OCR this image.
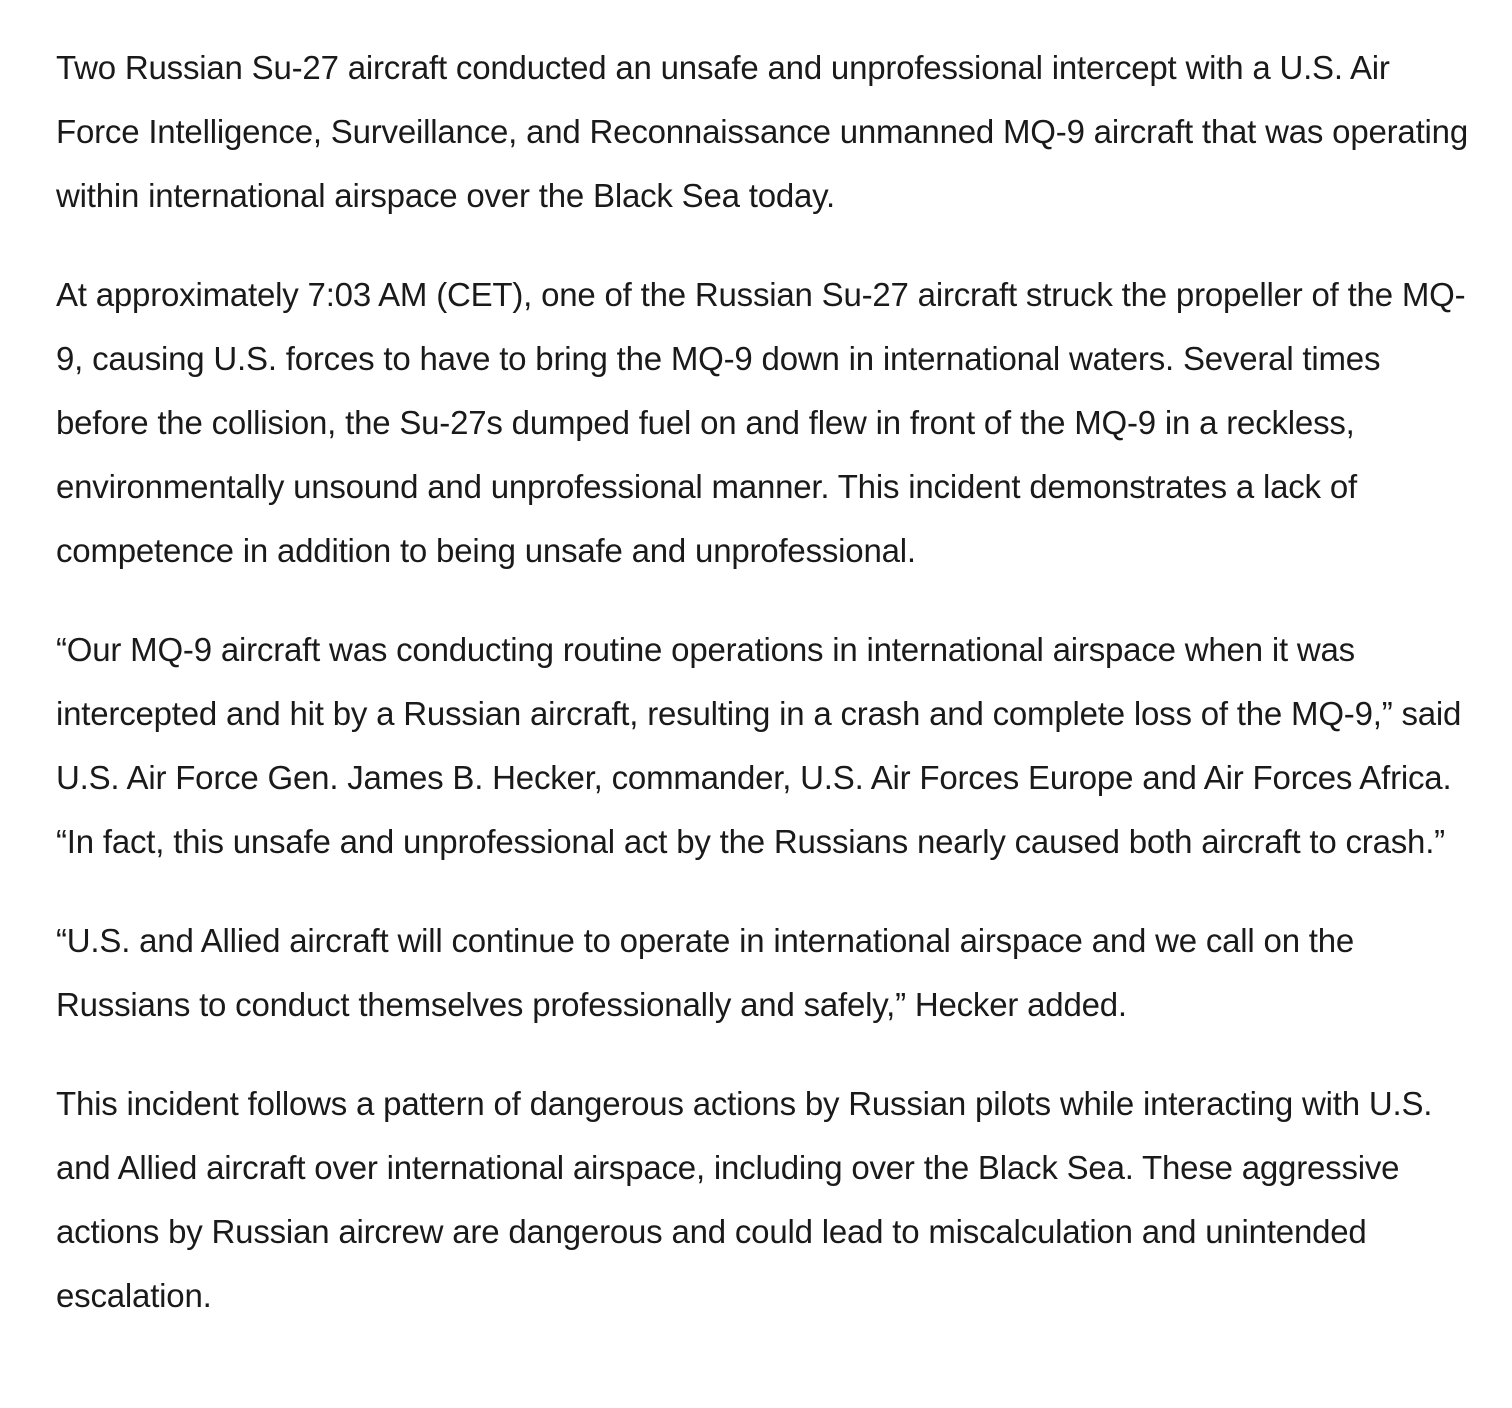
Two Russian Su-27 aircraft conducted an unsafe and unprofessional intercept with a U.S. Air Force Intelligence, Surveillance, and Reconnaissance unmanned MQ-9 aircraft that was operating within international airspace over the Black Sea today.

At approximately 7:03 AM (CET), one of the Russian Su-27 aircraft struck the propeller of the MQ-9, causing U.S. forces to have to bring the MQ-9 down in international waters. Several times before the collision, the Su-27s dumped fuel on and flew in front of the MQ-9 in a reckless, environmentally unsound and unprofessional manner. This incident demonstrates a lack of competence in addition to being unsafe and unprofessional.

“Our MQ-9 aircraft was conducting routine operations in international airspace when it was intercepted and hit by a Russian aircraft, resulting in a crash and complete loss of the MQ-9,” said U.S. Air Force Gen. James B. Hecker, commander, U.S. Air Forces Europe and Air Forces Africa. “In fact, this unsafe and unprofessional act by the Russians nearly caused both aircraft to crash.”

“U.S. and Allied aircraft will continue to operate in international airspace and we call on the Russians to conduct themselves professionally and safely,” Hecker added.

This incident follows a pattern of dangerous actions by Russian pilots while interacting with U.S. and Allied aircraft over international airspace, including over the Black Sea. These aggressive actions by Russian aircrew are dangerous and could lead to miscalculation and unintended escalation.
